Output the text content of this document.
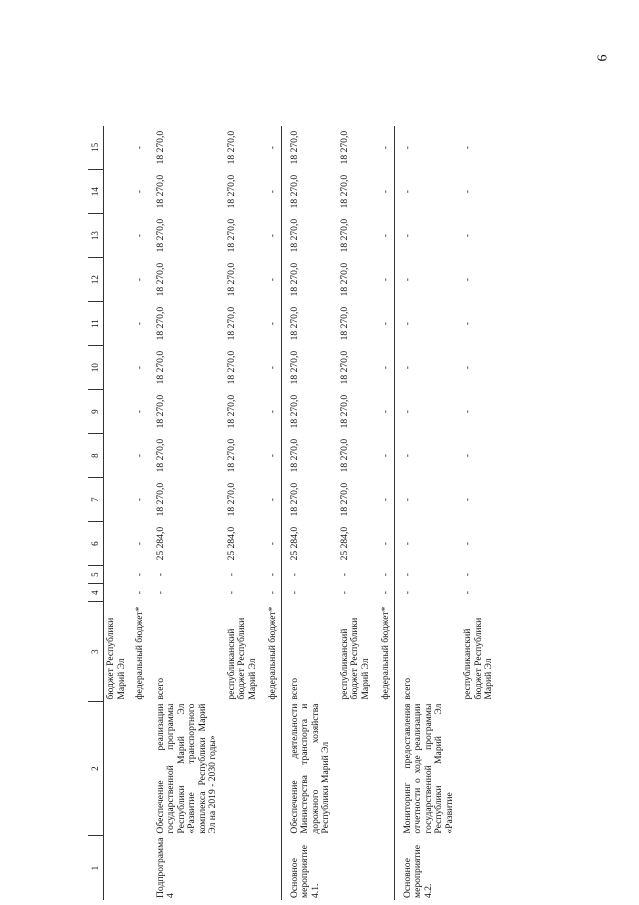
6
1	2	3	4	5	6	7	8	9	10	11	12	13	14	15
		бюджет Республики Марий Эл												
		федеральный бюджет*	-	-	-	-	-	-	-	-	-	-	-	-
Подпрограмма 4	Обеспечение реализации государственной программы Республики Марий Эл «Развитие транспортного комплекса Республики Марий Эл на 2019 - 2030 годы»	всего	-	-	25 284,0	18 270,0	18 270,0	18 270,0	18 270,0	18 270,0	18 270,0	18 270,0	18 270,0	18 270,0
		республиканский бюджет Республики Марий Эл	-	-	25 284,0	18 270,0	18 270,0	18 270,0	18 270,0	18 270,0	18 270,0	18 270,0	18 270,0	18 270,0
		федеральный бюджет*	-	-	-	-	-	-	-	-	-	-	-	-
Основное мероприятие 4.1.	Обеспечение деятельности Министерства транспорта и дорожного хозяйства Республики Марий Эл	всего	-	-	25 284,0	18 270,0	18 270,0	18 270,0	18 270,0	18 270,0	18 270,0	18 270,0	18 270,0	18 270,0
		республиканский бюджет Республики Марий Эл	-	-	25 284,0	18 270,0	18 270,0	18 270,0	18 270,0	18 270,0	18 270,0	18 270,0	18 270,0	18 270,0
		федеральный бюджет*	-	-	-	-	-	-	-	-	-	-	-	-
Основное мероприятие 4.2.	Мониторинг предоставления отчетности о ходе реализации государственной программы Республики Марий Эл «Развитие	всего	-	-	-	-	-	-	-	-	-	-	-	-
		республиканский бюджет Республики Марий Эл	-	-	-	-	-	-	-	-	-	-	-	-
